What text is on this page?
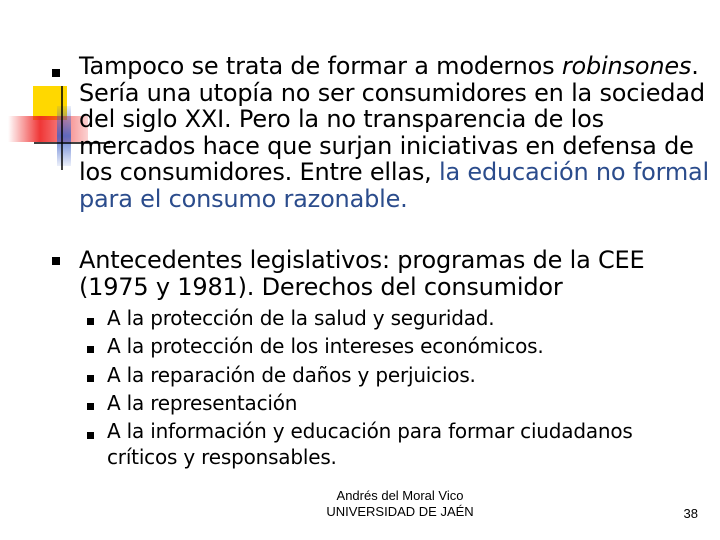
Tampoco se trata de formar a modernos robinsones. Sería una utopía no ser consumidores en la sociedad del siglo XXI. Pero la no transparencia de los mercados hace que surjan iniciativas en defensa de los consumidores. Entre ellas, la educación no formal para el consumo razonable.
Antecedentes legislativos: programas de la CEE (1975 y 1981). Derechos del consumidor
A la protección de la salud y seguridad.
A la protección de los intereses económicos.
A la reparación de daños y perjuicios.
A la representación
A la información y educación para formar ciudadanos críticos y responsables.
Andrés del Moral Vico
UNIVERSIDAD DE JAÉN	38
